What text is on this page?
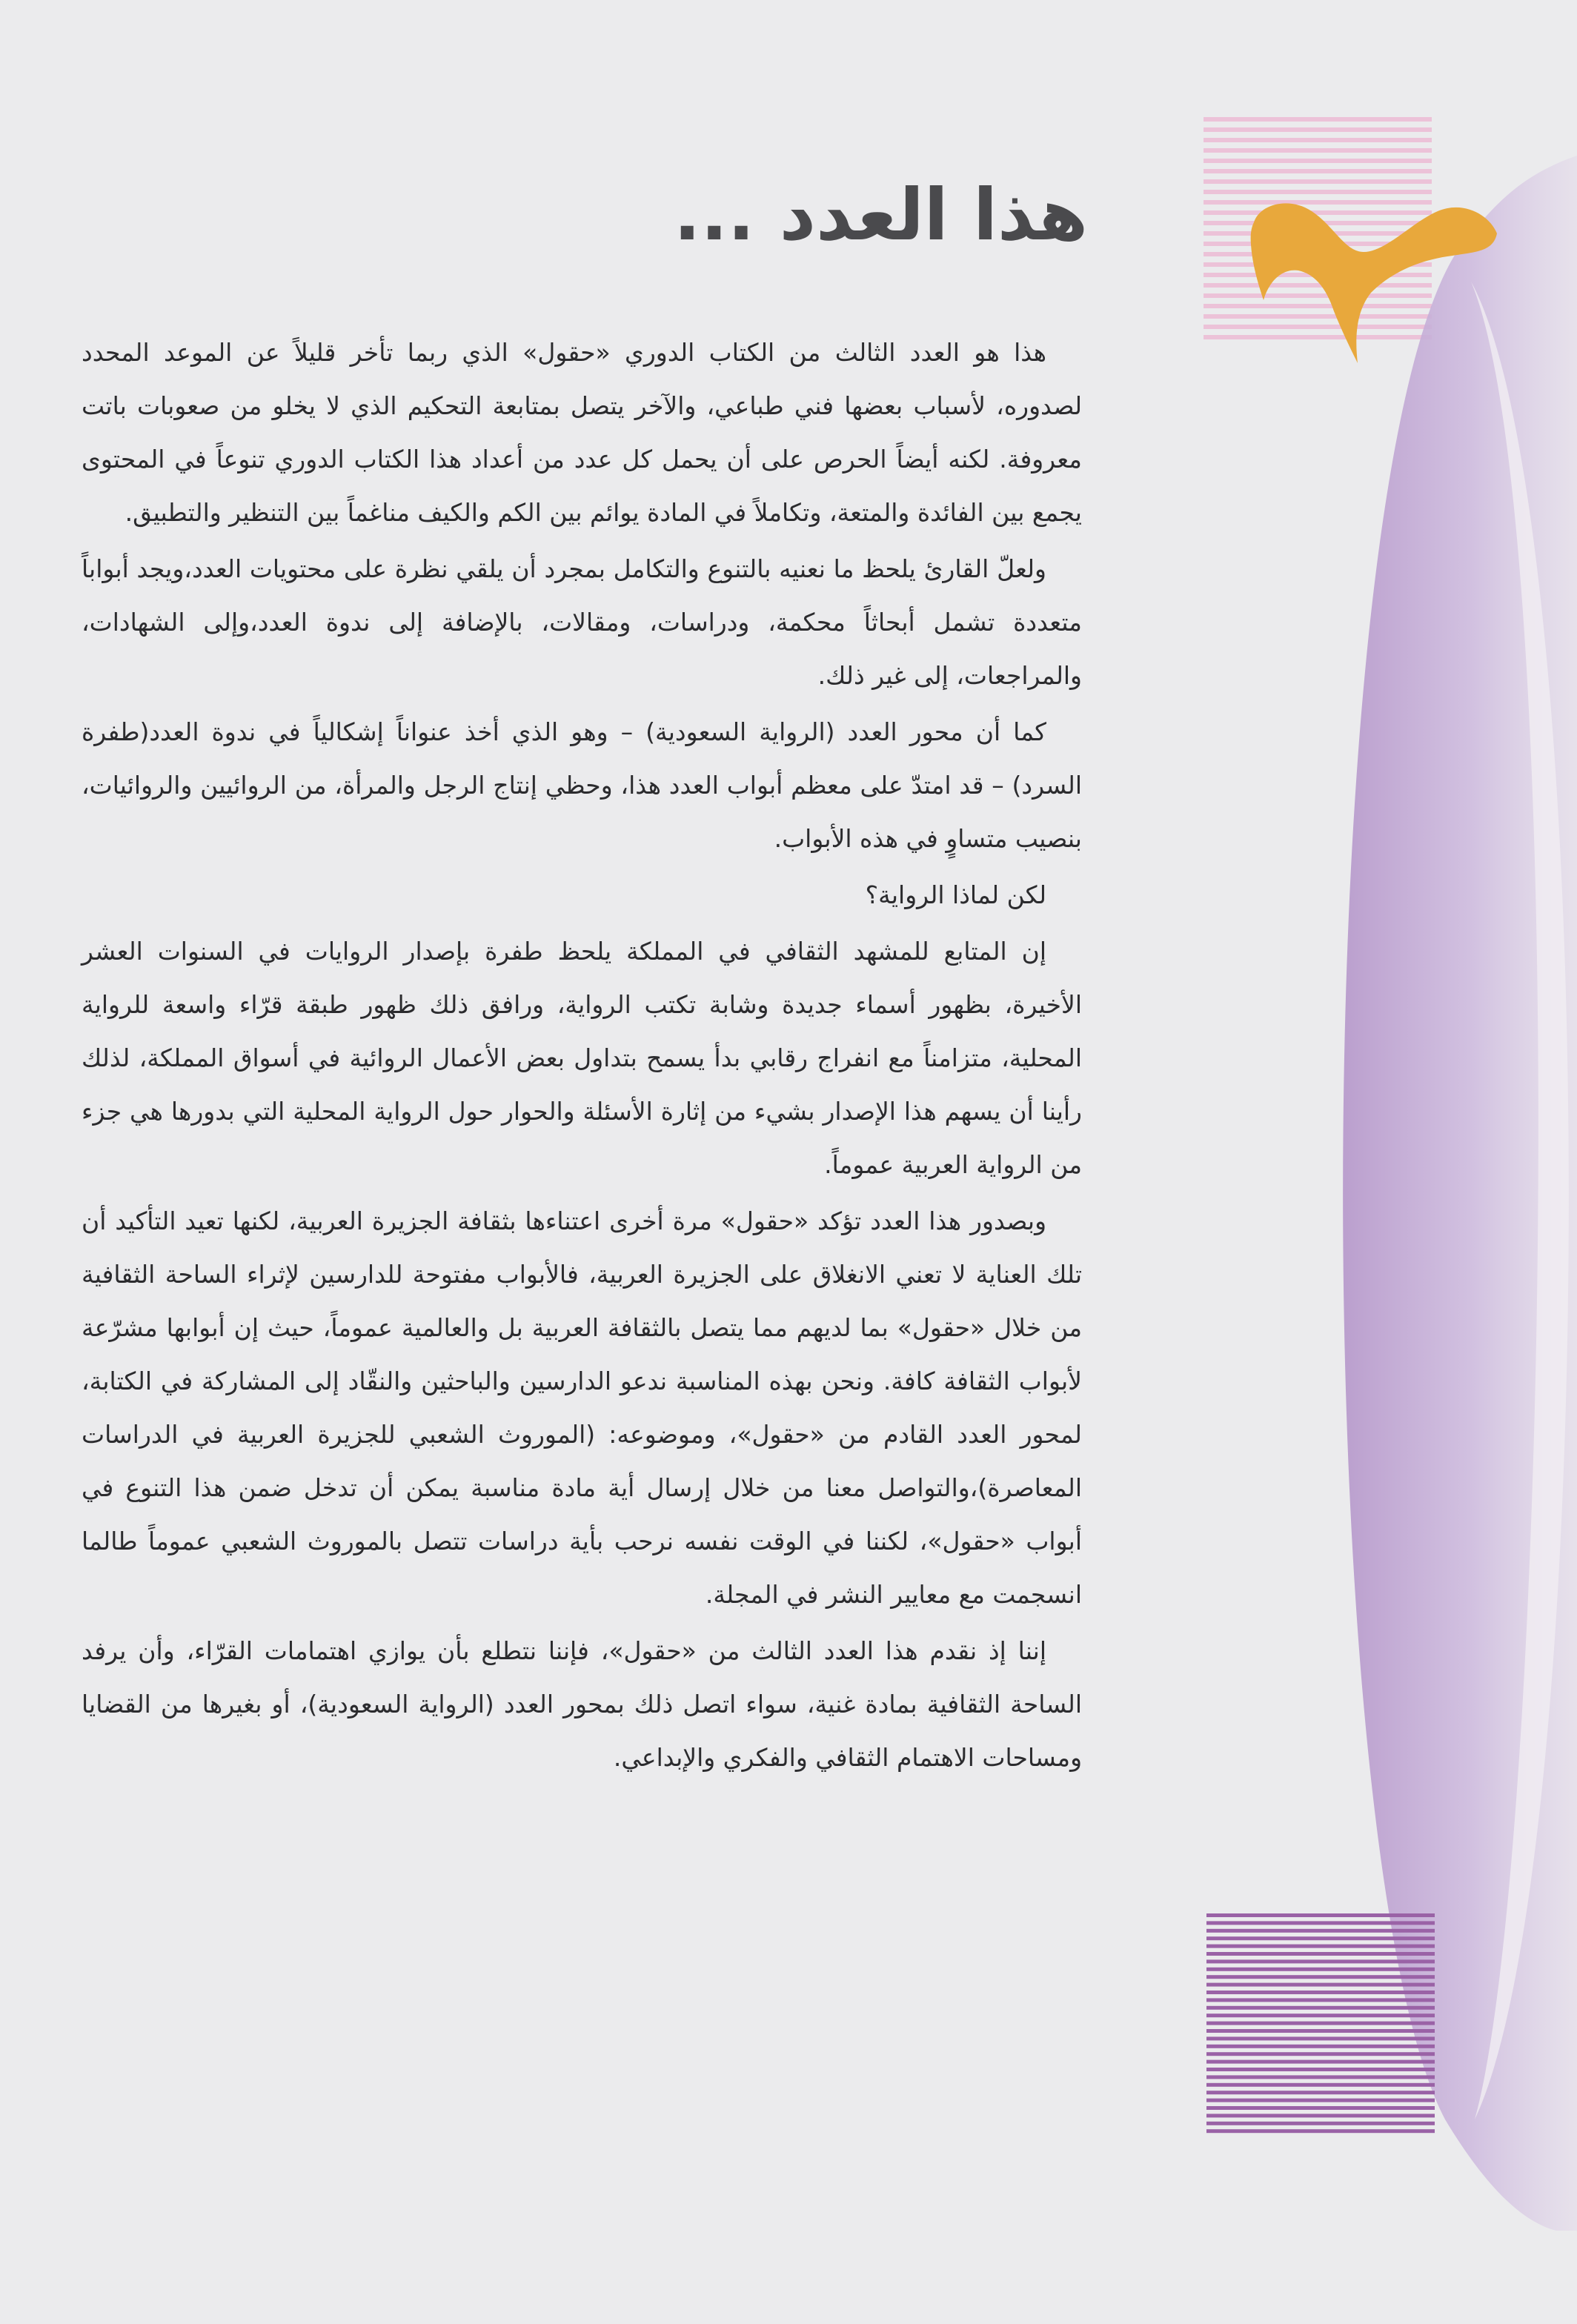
هذا العدد ...

هذا هو العدد الثالث من الكتاب الدوري «حقول» الذي ربما تأخر قليلاً عن الموعد المحدد لصدوره، لأسباب بعضها فني طباعي، والآخر يتصل بمتابعة التحكيم الذي لا يخلو من صعوبات باتت معروفة. لكنه أيضاً الحرص على أن يحمل كل عدد من أعداد هذا الكتاب الدوري تنوعاً في المحتوى يجمع بين الفائدة والمتعة، وتكاملاً في المادة يوائم بين الكم والكيف مناغماً بين التنظير والتطبيق.

ولعلّ القارئ يلحظ ما نعنيه بالتنوع والتكامل بمجرد أن يلقي نظرة على محتويات العدد،ويجد أبواباً متعددة تشمل أبحاثاً محكمة، ودراسات، ومقالات، بالإضافة إلى ندوة العدد،وإلى الشهادات، والمراجعات، إلى غير ذلك.

كما أن محور العدد (الرواية السعودية) – وهو الذي أخذ عنواناً إشكالياً في ندوة العدد(طفرة السرد) – قد امتدّ على معظم أبواب العدد هذا، وحظي إنتاج الرجل والمرأة، من الروائيين والروائيات، بنصيب متساوٍ في هذه الأبواب.

لكن لماذا الرواية؟

إن المتابع للمشهد الثقافي في المملكة يلحظ طفرة بإصدار الروايات في السنوات العشر الأخيرة، بظهور أسماء جديدة وشابة تكتب الرواية، ورافق ذلك ظهور طبقة قرّاء واسعة للرواية المحلية، متزامناً مع انفراج رقابي بدأ يسمح بتداول بعض الأعمال الروائية في أسواق المملكة، لذلك رأينا أن يسهم هذا الإصدار بشيء من إثارة الأسئلة والحوار حول الرواية المحلية التي بدورها هي جزء من الرواية العربية عموماً.

وبصدور هذا العدد تؤكد «حقول» مرة أخرى اعتناءها بثقافة الجزيرة العربية، لكنها تعيد التأكيد أن تلك العناية لا تعني الانغلاق على الجزيرة العربية، فالأبواب مفتوحة للدارسين لإثراء الساحة الثقافية من خلال «حقول» بما لديهم مما يتصل بالثقافة العربية بل والعالمية عموماً، حيث إن أبوابها مشرّعة لأبواب الثقافة كافة. ونحن بهذه المناسبة ندعو الدارسين والباحثين والنقّاد إلى المشاركة في الكتابة، لمحور العدد القادم من «حقول»، وموضوعه: (الموروث الشعبي للجزيرة العربية في الدراسات المعاصرة)،والتواصل معنا من خلال إرسال أية مادة مناسبة يمكن أن تدخل ضمن هذا التنوع في أبواب «حقول»، لكننا في الوقت نفسه نرحب بأية دراسات تتصل بالموروث الشعبي عموماً طالما انسجمت مع معايير النشر في المجلة.

إننا إذ نقدم هذا العدد الثالث من «حقول»، فإننا نتطلع بأن يوازي اهتمامات القرّاء، وأن يرفد الساحة الثقافية بمادة غنية، سواء اتصل ذلك بمحور العدد (الرواية السعودية)، أو بغيرها من القضايا ومساحات الاهتمام الثقافي والفكري والإبداعي.
